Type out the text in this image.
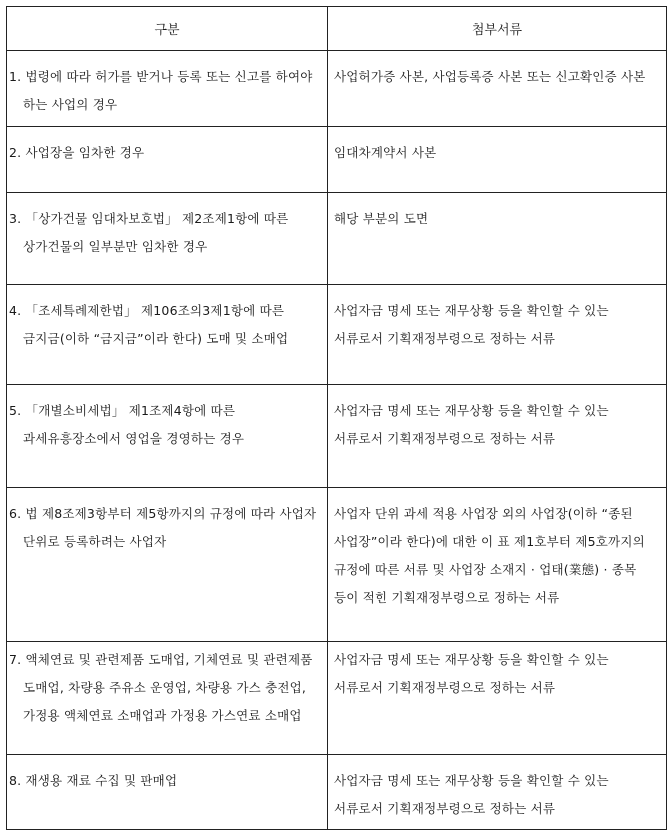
구분	첨부서류

1. 법령에 따라 허가를 받거나 등록 또는 신고를 하여야 하는 사업의 경우	사업허가증 사본, 사업등록증 사본 또는 신고확인증 사본

2. 사업장을 임차한 경우	임대차계약서 사본

3. 「상가건물 임대차보호법」 제2조제1항에 따른 상가건물의 일부분만 임차한 경우	해당 부분의 도면

4. 「조세특례제한법」 제106조의3제1항에 따른 금지금(이하 “금지금”이라 한다) 도매 및 소매업	사업자금 명세 또는 재무상황 등을 확인할 수 있는 서류로서 기획재정부령으로 정하는 서류

5. 「개별소비세법」 제1조제4항에 따른 과세유흥장소에서 영업을 경영하는 경우	사업자금 명세 또는 재무상황 등을 확인할 수 있는 서류로서 기획재정부령으로 정하는 서류

6. 법 제8조제3항부터 제5항까지의 규정에 따라 사업자 단위로 등록하려는 사업자	사업자 단위 과세 적용 사업장 외의 사업장(이하 “종된 사업장”이라 한다)에 대한 이 표 제1호부터 제5호까지의 규정에 따른 서류 및 사업장 소재지 · 업태(業態) · 종목 등이 적힌 기획재정부령으로 정하는 서류

7. 액체연료 및 관련제품 도매업, 기체연료 및 관련제품 도매업, 차량용 주유소 운영업, 차량용 가스 충전업, 가정용 액체연료 소매업과 가정용 가스연료 소매업	사업자금 명세 또는 재무상황 등을 확인할 수 있는 서류로서 기획재정부령으로 정하는 서류

8. 재생용 재료 수집 및 판매업	사업자금 명세 또는 재무상황 등을 확인할 수 있는 서류로서 기획재정부령으로 정하는 서류
